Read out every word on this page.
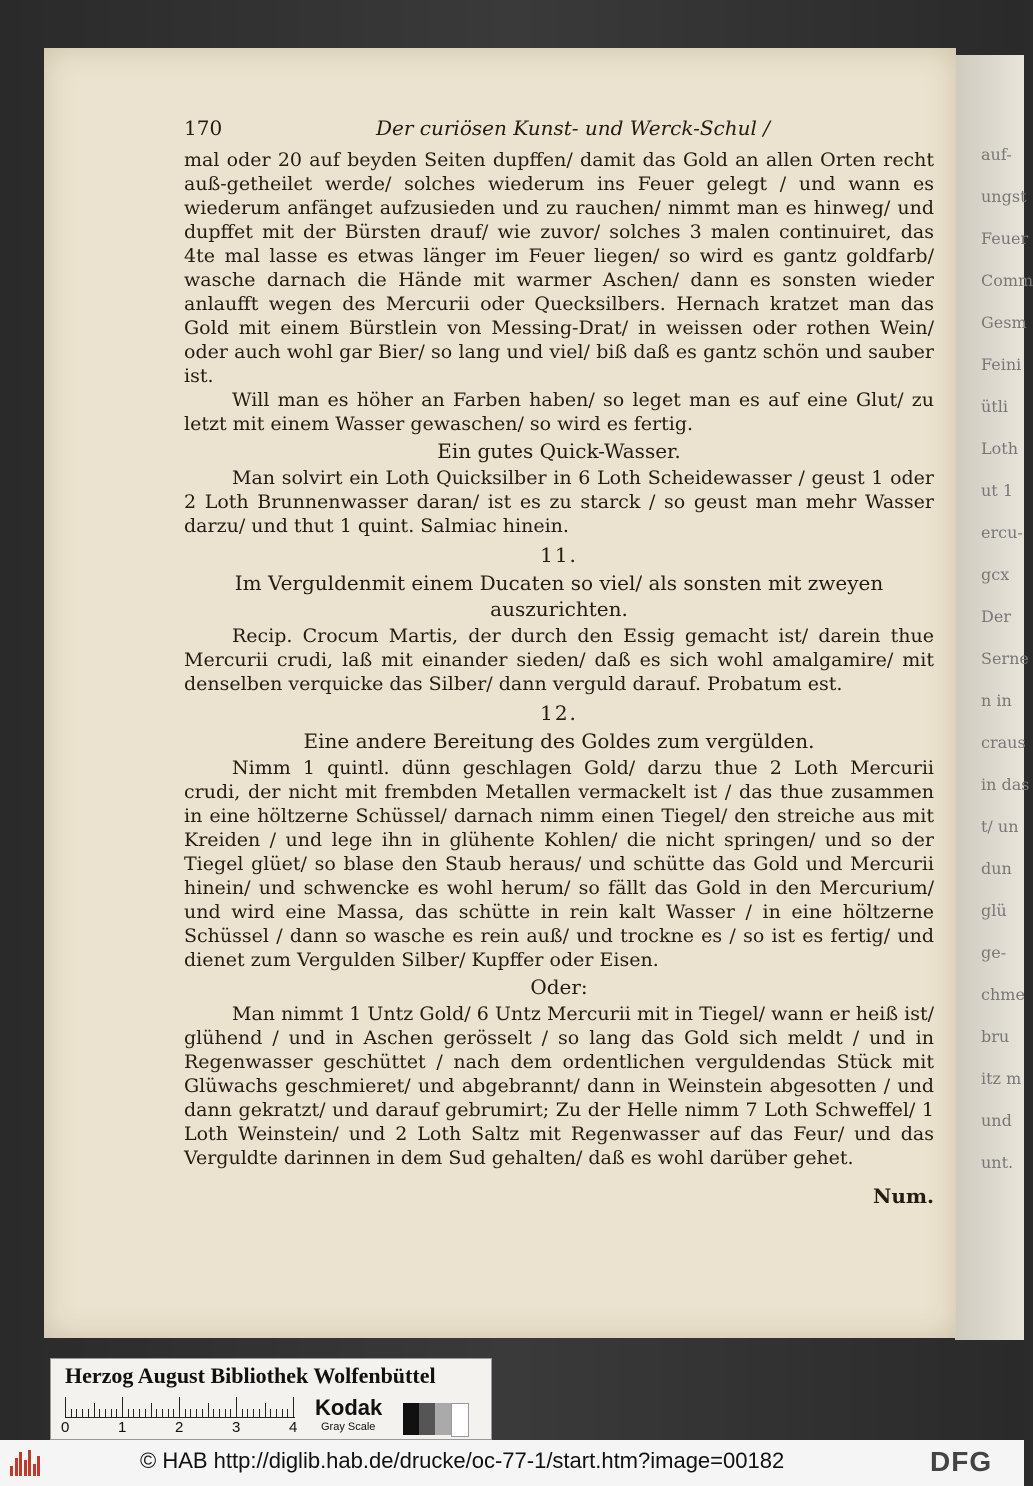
auf-
ungst
Feuer
Comm
Gesm
Feini
ütli
Loth
ut 1
ercu-
gcx
Der
Serne
n in
craus
in das
t/ un
dun
glü
ge-
chme
bru
itz m
und
unt.
170	Der curiösen Kunst- und Werck-Schul /
mal oder 20 auf beyden Seiten dupffen/ damit das Gold an allen Orten recht auß-getheilet werde/ solches wiederum ins Feuer gelegt / und wann es wiederum anfänget aufzusieden und zu rauchen/ nimmt man es hinweg/ und dupffet mit der Bürsten drauf/ wie zuvor/ solches 3 malen continuiret, das 4te mal lasse es etwas länger im Feuer liegen/ so wird es gantz goldfarb/ wasche darnach die Hände mit warmer Aschen/ dann es sonsten wieder anlaufft wegen des Mercurii oder Quecksilbers. Hernach kratzet man das Gold mit einem Bürstlein von Messing-Drat/ in weissen oder rothen Wein/ oder auch wohl gar Bier/ so lang und viel/ biß daß es gantz schön und sauber ist.
Will man es höher an Farben haben/ so leget man es auf eine Glut/ zu letzt mit einem Wasser gewaschen/ so wird es fertig.
Ein gutes Quick-Wasser.
Man solvirt ein Loth Quicksilber in 6 Loth Scheidewasser / geust 1 oder 2 Loth Brunnenwasser daran/ ist es zu starck / so geust man mehr Wasser darzu/ und thut 1 quint. Salmiac hinein.
11.
Im Verguldenmit einem Ducaten so viel/ als sonsten mit zweyen auszurichten.
Recip. Crocum Martis, der durch den Essig gemacht ist/ darein thue Mercurii crudi, laß mit einander sieden/ daß es sich wohl amalgamire/ mit denselben verquicke das Silber/ dann verguld darauf. Probatum est.
12.
Eine andere Bereitung des Goldes zum vergülden.
Nimm 1 quintl. dünn geschlagen Gold/ darzu thue 2 Loth Mercurii crudi, der nicht mit frembden Metallen vermackelt ist / das thue zusammen in eine höltzerne Schüssel/ darnach nimm einen Tiegel/ den streiche aus mit Kreiden / und lege ihn in glühente Kohlen/ die nicht springen/ und so der Tiegel glüet/ so blase den Staub heraus/ und schütte das Gold und Mercurii hinein/ und schwencke es wohl herum/ so fällt das Gold in den Mercurium/ und wird eine Massa, das schütte in rein kalt Wasser / in eine höltzerne Schüssel / dann so wasche es rein auß/ und trockne es / so ist es fertig/ und dienet zum Vergulden Silber/ Kupffer oder Eisen.
Oder:
Man nimmt 1 Untz Gold/ 6 Untz Mercurii mit in Tiegel/ wann er heiß ist/ glühend / und in Aschen gerösselt / so lang das Gold sich meldt / und in Regenwasser geschüttet / nach dem ordentlichen verguldendas Stück mit Glüwachs geschmieret/ und abgebrannt/ dann in Weinstein abgesotten / und dann gekratzt/ und darauf gebrumirt; Zu der Helle nimm 7 Loth Schweffel/ 1 Loth Weinstein/ und 2 Loth Saltz mit Regenwasser auf das Feur/ und das Verguldte darinnen in dem Sud gehalten/ daß es wohl darüber gehet.
Num.
Herzog August Bibliothek Wolfenbüttel
0	1	2	3	4
Kodak
Gray Scale
© HAB http://diglib.hab.de/drucke/oc-77-1/start.htm?image=00182	DFG
